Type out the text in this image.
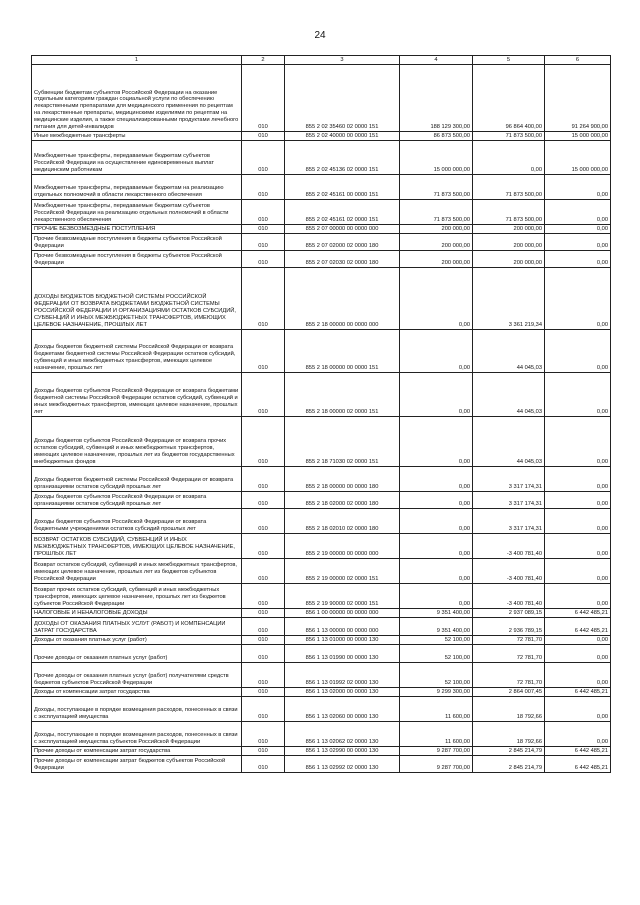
24
1	2	3	4	5	6
Субвенции бюджетам субъектов Российской Федерации на оказание отдельным категориям граждан социальной услуги по обеспечению лекарственными препаратами для медицинского применения по рецептам на лекарственные препараты, медицинскими изделиями по рецептам на медицинские изделия, а также специализированными продуктами лечебного питания для детей-инвалидов	010	855 2 02 35460 02 0000 151	188 129 300,00	96 864 400,00	91 264 900,00
Иные межбюджетные трансферты	010	855 2 02 40000 00 0000 151	86 873 500,00	71 873 500,00	15 000 000,00
Межбюджетные трансферты, передаваемые бюджетам субъектов Российской Федерации на осуществление единовременных выплат медицинским работникам	010	855 2 02 45136 02 0000 151	15 000 000,00	0,00	15 000 000,00
Межбюджетные трансферты, передаваемые бюджетам на реализацию отдельных полномочий в области лекарственного обеспечения	010	855 2 02 45161 00 0000 151	71 873 500,00	71 873 500,00	0,00
Межбюджетные трансферты, передаваемые бюджетам субъектов Российской Федерации на реализацию отдельных полномочий в области лекарственного обеспечения	010	855 2 02 45161 02 0000 151	71 873 500,00	71 873 500,00	0,00
ПРОЧИЕ БЕЗВОЗМЕЗДНЫЕ ПОСТУПЛЕНИЯ	010	855 2 07 00000 00 0000 000	200 000,00	200 000,00	0,00
Прочие безвозмездные поступления в бюджеты субъектов Российской Федерации	010	855 2 07 02000 02 0000 180	200 000,00	200 000,00	0,00
Прочие безвозмездные поступления в бюджеты субъектов Российской Федерации	010	855 2 07 02030 02 0000 180	200 000,00	200 000,00	0,00
ДОХОДЫ БЮДЖЕТОВ БЮДЖЕТНОЙ СИСТЕМЫ РОССИЙСКОЙ ФЕДЕРАЦИИ ОТ ВОЗВРАТА БЮДЖЕТАМИ БЮДЖЕТНОЙ СИСТЕМЫ РОССИЙСКОЙ ФЕДЕРАЦИИ И ОРГАНИЗАЦИЯМИ ОСТАТКОВ СУБСИДИЙ, СУБВЕНЦИЙ И ИНЫХ МЕЖБЮДЖЕТНЫХ ТРАНСФЕРТОВ, ИМЕЮЩИХ ЦЕЛЕВОЕ НАЗНАЧЕНИЕ, ПРОШЛЫХ ЛЕТ	010	855 2 18 00000 00 0000 000	0,00	3 361 219,34	0,00
Доходы бюджетов бюджетной системы Российской Федерации от возврата бюджетами бюджетной системы Российской Федерации остатков субсидий, субвенций и иных межбюджетных трансфертов, имеющих целевое назначение, прошлых лет	010	855 2 18 00000 00 0000 151	0,00	44 045,03	0,00
Доходы бюджетов субъектов Российской Федерации от возврата бюджетами бюджетной системы Российской Федерации остатков субсидий, субвенций и иных межбюджетных трансфертов, имеющих целевое назначение, прошлых лет	010	855 2 18 00000 02 0000 151	0,00	44 045,03	0,00
Доходы бюджетов субъектов Российской Федерации от возврата прочих остатков субсидий, субвенций и иных межбюджетных трансфертов, имеющих целевое назначение, прошлых лет из бюджетов государственных внебюджетных фондов	010	855 2 18 71030 02 0000 151	0,00	44 045,03	0,00
Доходы бюджетов бюджетной системы Российской Федерации от возврата организациями остатков субсидий прошлых лет	010	855 2 18 00000 00 0000 180	0,00	3 317 174,31	0,00
Доходы бюджетов субъектов Российской Федерации от возврата организациями остатков субсидий прошлых лет	010	855 2 18 02000 02 0000 180	0,00	3 317 174,31	0,00
Доходы бюджетов субъектов Российской Федерации от возврата бюджетными учреждениями остатков субсидий прошлых лет	010	855 2 18 02010 02 0000 180	0,00	3 317 174,31	0,00
ВОЗВРАТ ОСТАТКОВ СУБСИДИЙ, СУБВЕНЦИЙ И ИНЫХ МЕЖБЮДЖЕТНЫХ ТРАНСФЕРТОВ, ИМЕЮЩИХ ЦЕЛЕВОЕ НАЗНАЧЕНИЕ, ПРОШЛЫХ ЛЕТ	010	855 2 19 00000 00 0000 000	0,00	-3 400 781,40	0,00
Возврат остатков субсидий, субвенций и иных межбюджетных трансфертов, имеющих целевое назначение, прошлых лет из бюджетов субъектов Российской Федерации	010	855 2 19 00000 02 0000 151	0,00	-3 400 781,40	0,00
Возврат прочих остатков субсидий, субвенций и иных межбюджетных трансфертов, имеющих целевое назначение, прошлых лет из бюджетов субъектов Российской Федерации	010	855 2 19 90000 02 0000 151	0,00	-3 400 781,40	0,00
НАЛОГОВЫЕ И НЕНАЛОГОВЫЕ ДОХОДЫ	010	856 1 00 00000 00 0000 000	9 351 400,00	2 937 089,15	6 442 485,21
ДОХОДЫ ОТ ОКАЗАНИЯ ПЛАТНЫХ УСЛУГ (РАБОТ) И КОМПЕНСАЦИИ ЗАТРАТ ГОСУДАРСТВА	010	856 1 13 00000 00 0000 000	9 351 400,00	2 936 789,15	6 442 485,21
Доходы от оказания платных услуг (работ)	010	856 1 13 01000 00 0000 130	52 100,00	72 781,70	0,00
Прочие доходы от оказания платных услуг (работ)	010	856 1 13 01990 00 0000 130	52 100,00	72 781,70	0,00
Прочие доходы от оказания платных услуг (работ) получателями средств бюджетов субъектов Российской Федерации	010	856 1 13 01992 02 0000 130	52 100,00	72 781,70	0,00
Доходы от компенсации затрат государства	010	856 1 13 02000 00 0000 130	9 299 300,00	2 864 007,45	6 442 485,21
Доходы, поступающие в порядке возмещения расходов, понесенных в связи с эксплуатацией имущества	010	856 1 13 02060 00 0000 130	11 600,00	18 792,66	0,00
Доходы, поступающие в порядке возмещения расходов, понесенных в связи с эксплуатацией имущества субъектов Российской Федерации	010	856 1 13 02062 02 0000 130	11 600,00	18 792,66	0,00
Прочие доходы от компенсации затрат государства	010	856 1 13 02990 00 0000 130	9 287 700,00	2 845 214,79	6 442 485,21
Прочие доходы от компенсации затрат бюджетов субъектов Российской Федерации	010	856 1 13 02992 02 0000 130	9 287 700,00	2 845 214,79	6 442 485,21
